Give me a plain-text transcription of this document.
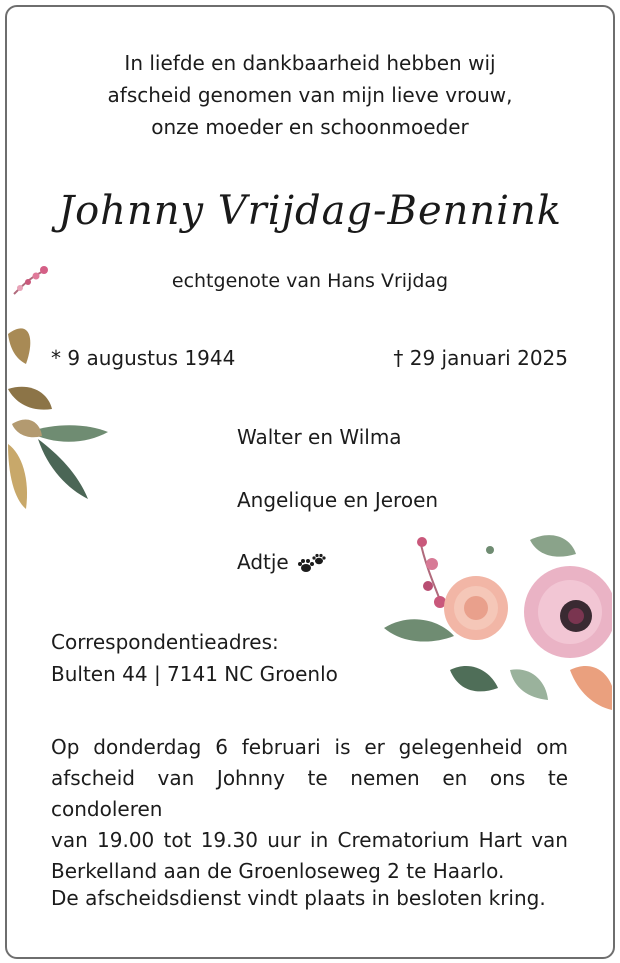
In liefde en dankbaarheid hebben wij
afscheid genomen van mijn lieve vrouw,
onze moeder en schoonmoeder
Johnny Vrijdag-Bennink
echtgenote van Hans Vrijdag
* 9 augustus 1944	† 29 januari 2025
Walter en Wilma
Angelique en Jeroen
Adtje
Correspondentieadres:
Bulten 44 | 7141 NC Groenlo
Op donderdag 6 februari is er gelegenheid om
afscheid van Johnny te nemen en ons te condoleren
van 19.00 tot 19.30 uur in Crematorium Hart van
Berkelland aan de Groenloseweg 2 te Haarlo.
De afscheidsdienst vindt plaats in besloten kring.
